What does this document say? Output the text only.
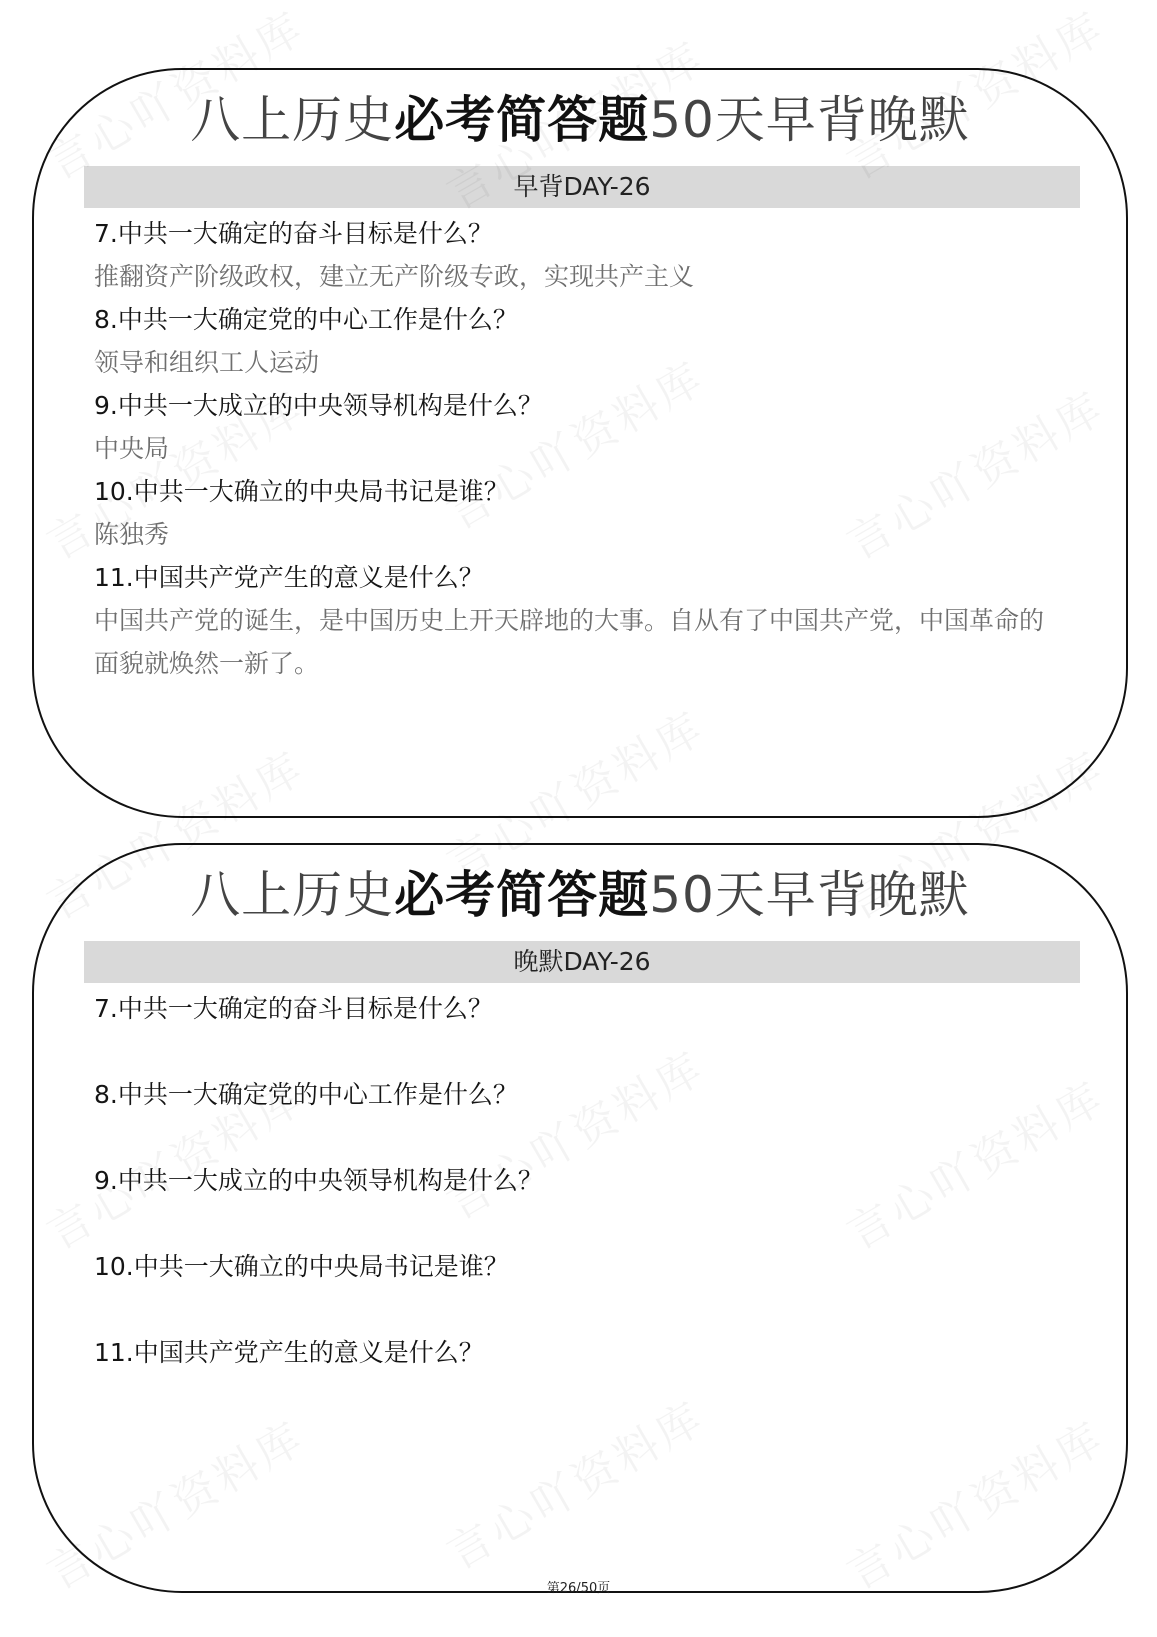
八上历史必考简答题50天早背晚默
早背DAY-26
7.中共一大确定的奋斗目标是什么？
推翻资产阶级政权，建立无产阶级专政，实现共产主义
8.中共一大确定党的中心工作是什么？
领导和组织工人运动
9.中共一大成立的中央领导机构是什么？
中央局
10.中共一大确立的中央局书记是谁？
陈独秀
11.中国共产党产生的意义是什么？
中国共产党的诞生，是中国历史上开天辟地的大事。自从有了中国共产党，中国革命的面貌就焕然一新了。
八上历史必考简答题50天早背晚默
晚默DAY-26
7.中共一大确定的奋斗目标是什么？
8.中共一大确定党的中心工作是什么？
9.中共一大成立的中央领导机构是什么？
10.中共一大确立的中央局书记是谁？
11.中国共产党产生的意义是什么？
第26/50页
